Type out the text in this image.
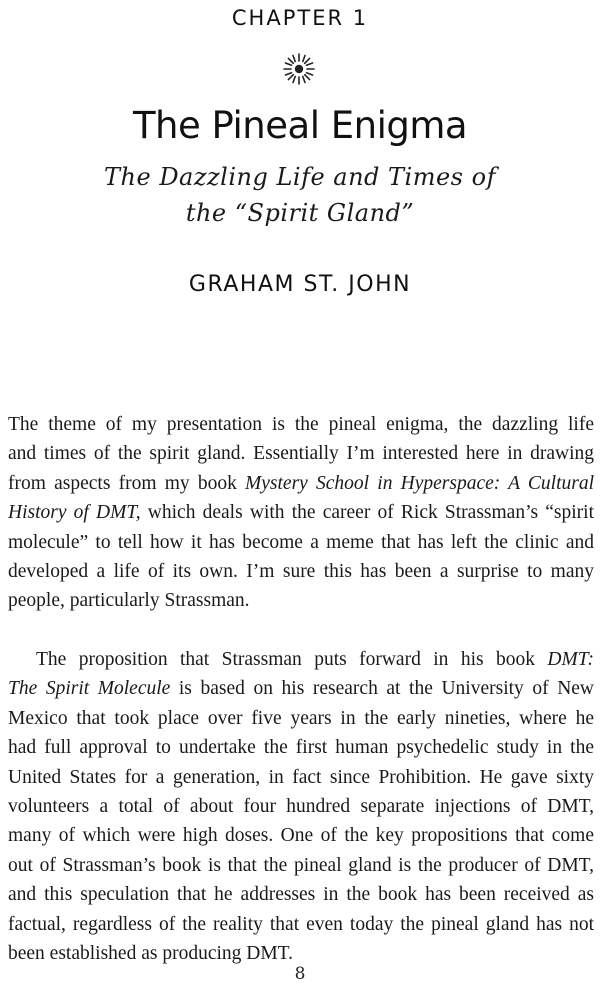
CHAPTER 1
The Pineal Enigma
The Dazzling Life and Times of
the “Spirit Gland”
GRAHAM ST. JOHN
The theme of my presentation is the pineal enigma, the dazzling life
and times of the spirit gland. Essentially I’m interested here in drawing
from aspects from my book Mystery School in Hyperspace: A Cultural
History of DMT, which deals with the career of Rick Strassman’s “spirit
molecule” to tell how it has become a meme that has left the clinic and
developed a life of its own. I’m sure this has been a surprise to many
people, particularly Strassman.
The proposition that Strassman puts forward in his book DMT:
The Spirit Molecule is based on his research at the University of New
Mexico that took place over five years in the early nineties, where he
had full approval to undertake the first human psychedelic study in the
United States for a generation, in fact since Prohibition. He gave sixty
volunteers a total of about four hundred separate injections of DMT,
many of which were high doses. One of the key propositions that come
out of Strassman’s book is that the pineal gland is the producer of DMT,
and this speculation that he addresses in the book has been received as
factual, regardless of the reality that even today the pineal gland has not
been established as producing DMT.
8
